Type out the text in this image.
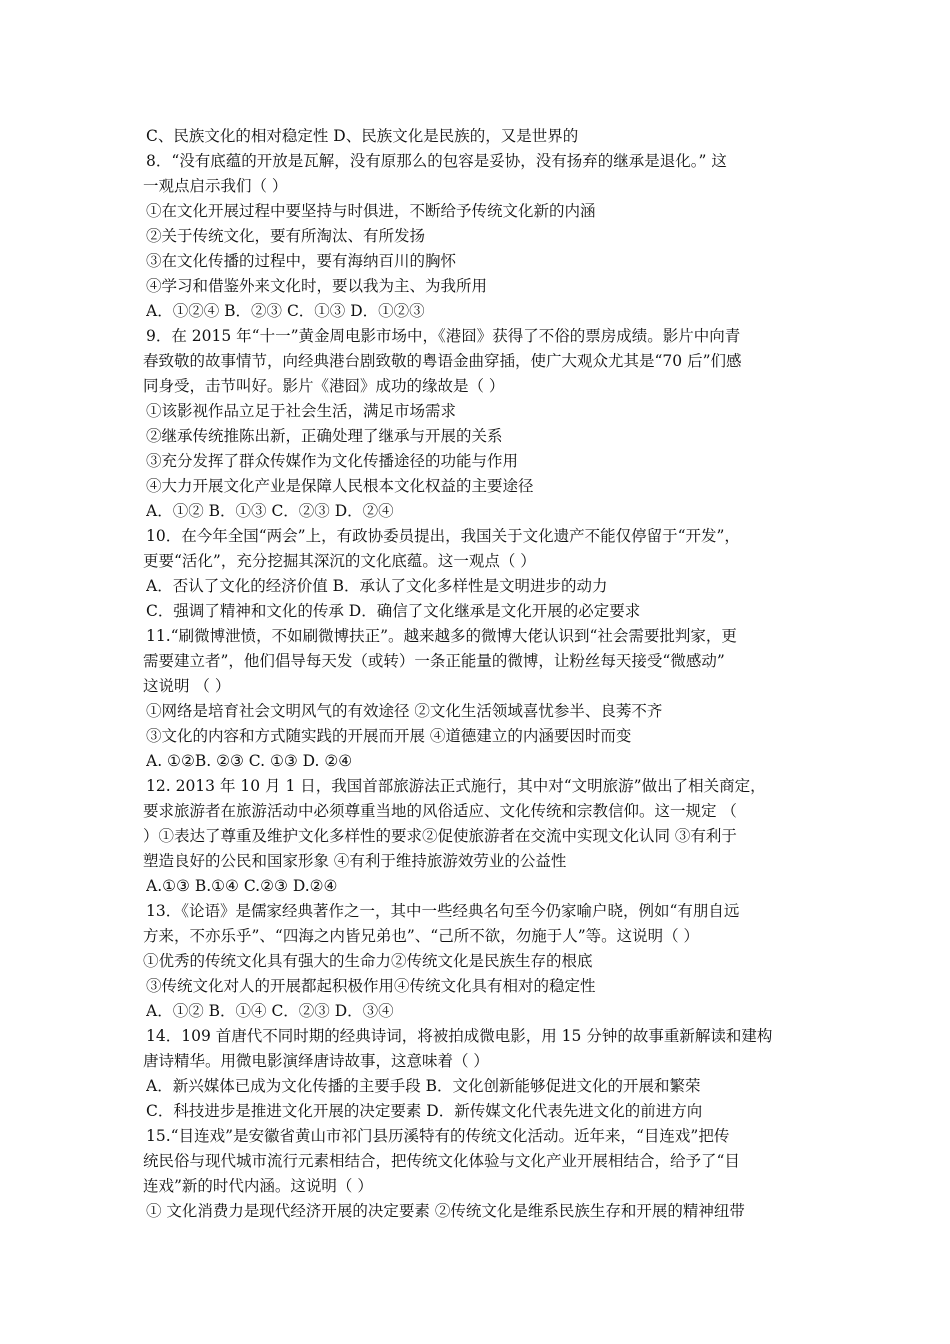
C、民族文化的相对稳定性 D、民族文化是民族的，又是世界的
8．“没有底蕴的开放是瓦解，没有原那么的包容是妥协，没有扬弃的继承是退化。” 这
一观点启示我们（ ）
①在文化开展过程中要坚持与时俱进，不断给予传统文化新的内涵
②关于传统文化，要有所淘汰、有所发扬
③在文化传播的过程中，要有海纳百川的胸怀
④学习和借鉴外来文化时，要以我为主、为我所用
A．①②④ B．②③ C．①③ D．①②③
9．在 2015 年“十一”黄金周电影市场中，《港囧》获得了不俗的票房成绩。影片中向青
春致敬的故事情节，向经典港台剧致敬的粤语金曲穿插，使广大观众尤其是“70 后”们感
同身受，击节叫好。影片《港囧》成功的缘故是（ ）
①该影视作品立足于社会生活，满足市场需求
②继承传统推陈出新，正确处理了继承与开展的关系
③充分发挥了群众传媒作为文化传播途径的功能与作用
④大力开展文化产业是保障人民根本文化权益的主要途径
A．①② B．①③ C．②③ D．②④
10．在今年全国“两会”上，有政协委员提出，我国关于文化遗产不能仅停留于“开发”，
更要“活化”，充分挖掘其深沉的文化底蕴。这一观点（ ）
A．否认了文化的经济价值 B．承认了文化多样性是文明进步的动力
C．强调了精神和文化的传承 D．确信了文化继承是文化开展的必定要求
11.“刷微博泄愤，不如刷微博扶正”。越来越多的微博大佬认识到“社会需要批判家，更
需要建立者”，他们倡导每天发（或转）一条正能量的微博，让粉丝每天接受“微感动”
这说明 （ ）
①网络是培育社会文明风气的有效途径 ②文化生活领域喜忧参半、良莠不齐
③文化的内容和方式随实践的开展而开展 ④道德建立的内涵要因时而变
A. ①②B. ②③ C. ①③ D. ②④
12. 2013 年 10 月 1 日，我国首部旅游法正式施行，其中对“文明旅游”做出了相关商定，
要求旅游者在旅游活动中必须尊重当地的风俗适应、文化传统和宗教信仰。这一规定 （
）①表达了尊重及维护文化多样性的要求②促使旅游者在交流中实现文化认同 ③有利于
塑造良好的公民和国家形象 ④有利于维持旅游效劳业的公益性
A.①③ B.①④ C.②③ D.②④
13．《论语》是儒家经典著作之一，其中一些经典名句至今仍家喻户晓，例如“有朋自远
方来，不亦乐乎”、“四海之内皆兄弟也”、“己所不欲，勿施于人”等。这说明（ ）
①优秀的传统文化具有强大的生命力②传统文化是民族生存的根底
③传统文化对人的开展都起积极作用④传统文化具有相对的稳定性
A．①② B．①④ C．②③ D．③④
14．109 首唐代不同时期的经典诗词，将被拍成微电影，用 15 分钟的故事重新解读和建构
唐诗精华。用微电影演绎唐诗故事，这意味着（ ）
A．新兴媒体已成为文化传播的主要手段 B．文化创新能够促进文化的开展和繁荣
C．科技进步是推进文化开展的决定要素 D．新传媒文化代表先进文化的前进方向
15.“目连戏”是安徽省黄山市祁门县历溪特有的传统文化活动。近年来，“目连戏”把传
统民俗与现代城市流行元素相结合，把传统文化体验与文化产业开展相结合，给予了“目
连戏”新的时代内涵。这说明（ ）
① 文化消费力是现代经济开展的决定要素 ②传统文化是维系民族生存和开展的精神纽带
